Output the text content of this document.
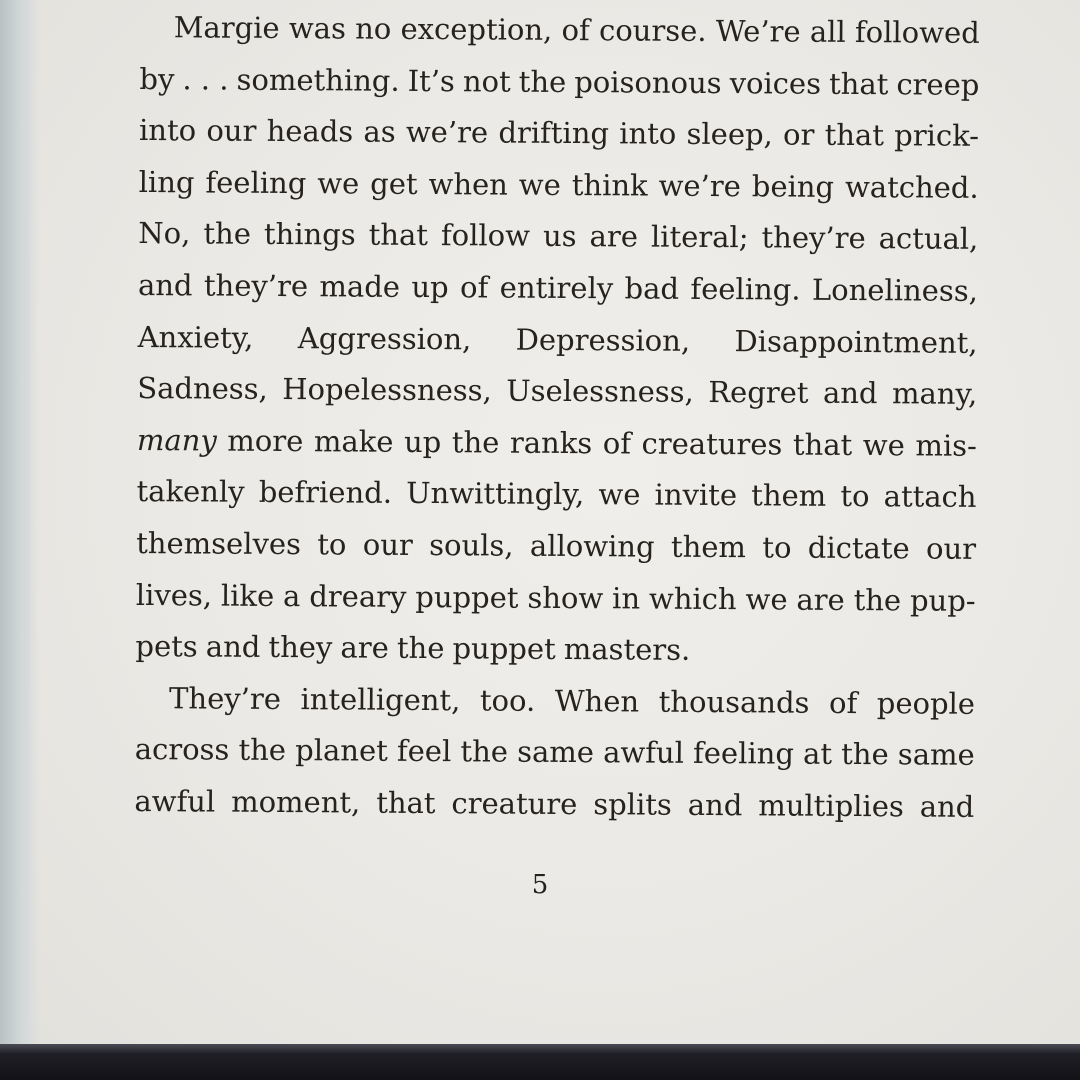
Margie was no exception, of course. We’re all followed
by . . . something. It’s not the poisonous voices that creep
into our heads as we’re drifting into sleep, or that prick-
ling feeling we get when we think we’re being watched.
No, the things that follow us are literal; they’re actual,
and they’re made up of entirely bad feeling. Loneliness,
Anxiety, Aggression, Depression, Disappointment,
Sadness, Hopelessness, Uselessness, Regret and many,
many more make up the ranks of creatures that we mis-
takenly befriend. Unwittingly, we invite them to attach
themselves to our souls, allowing them to dictate our
lives, like a dreary puppet show in which we are the pup-
pets and they are the puppet masters.
They’re intelligent, too. When thousands of people
across the planet feel the same awful feeling at the same
awful moment, that creature splits and multiplies and
5
